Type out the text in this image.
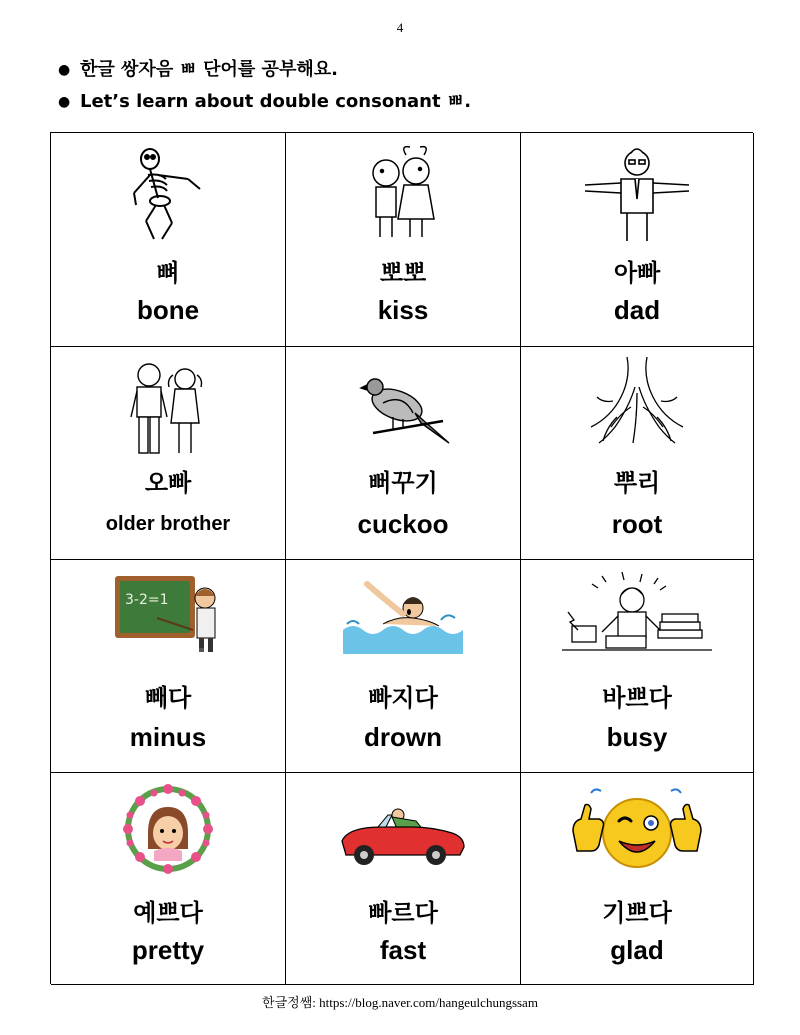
4
● 한글 쌍자음 ㅃ 단어를 공부해요.
● Let’s learn about double consonant ㅃ.
뼈
bone
뽀뽀
kiss
아빠
dad
오빠
older brother
뻐꾸기
cuckoo
뿌리
root
3-2=1
빼다
minus
빠지다
drown
바쁘다
busy
예쁘다
pretty
빠르다
fast
기쁘다
glad
한글정쌤: https://blog.naver.com/hangeulchungssam
